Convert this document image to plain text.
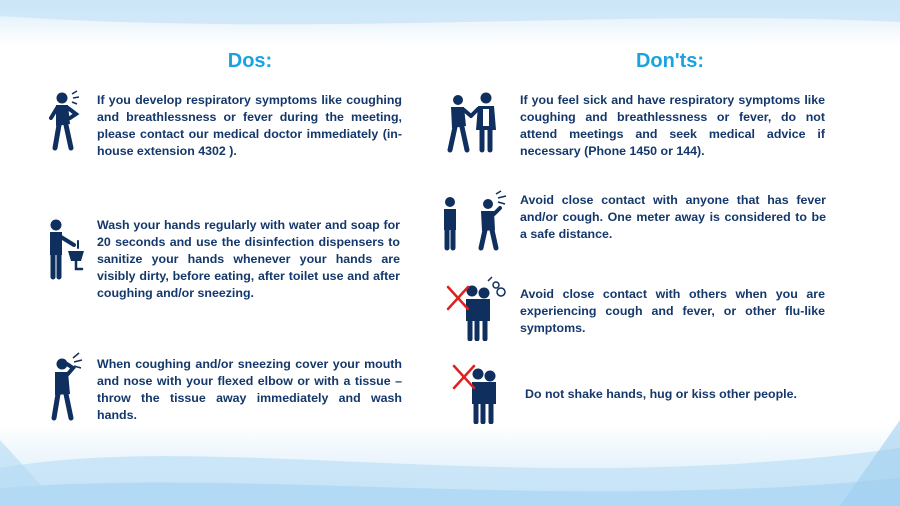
Dos:	Don'ts:

If you develop respiratory symptoms like coughing and breathlessness or fever during the meeting, please contact our medical doctor immediately (in-house extension 4302 ).

Wash your hands regularly with water and soap for 20 seconds and use the disinfection dispensers to sanitize your hands whenever your hands are visibly dirty, before eating, after toilet use and after coughing and/or sneezing.

When coughing and/or sneezing cover your mouth and nose with your flexed elbow or with a tissue – throw the tissue away immediately and wash hands.

If you feel sick and have respiratory symptoms like coughing and breathlessness or fever, do not attend meetings and seek medical advice if necessary (Phone 1450 or 144).

Avoid close contact with anyone that has fever and/or cough. One meter away is considered to be a safe distance.

Avoid close contact with others when you are experiencing cough and fever, or other flu-like symptoms.

Do not shake hands, hug or kiss other people.
